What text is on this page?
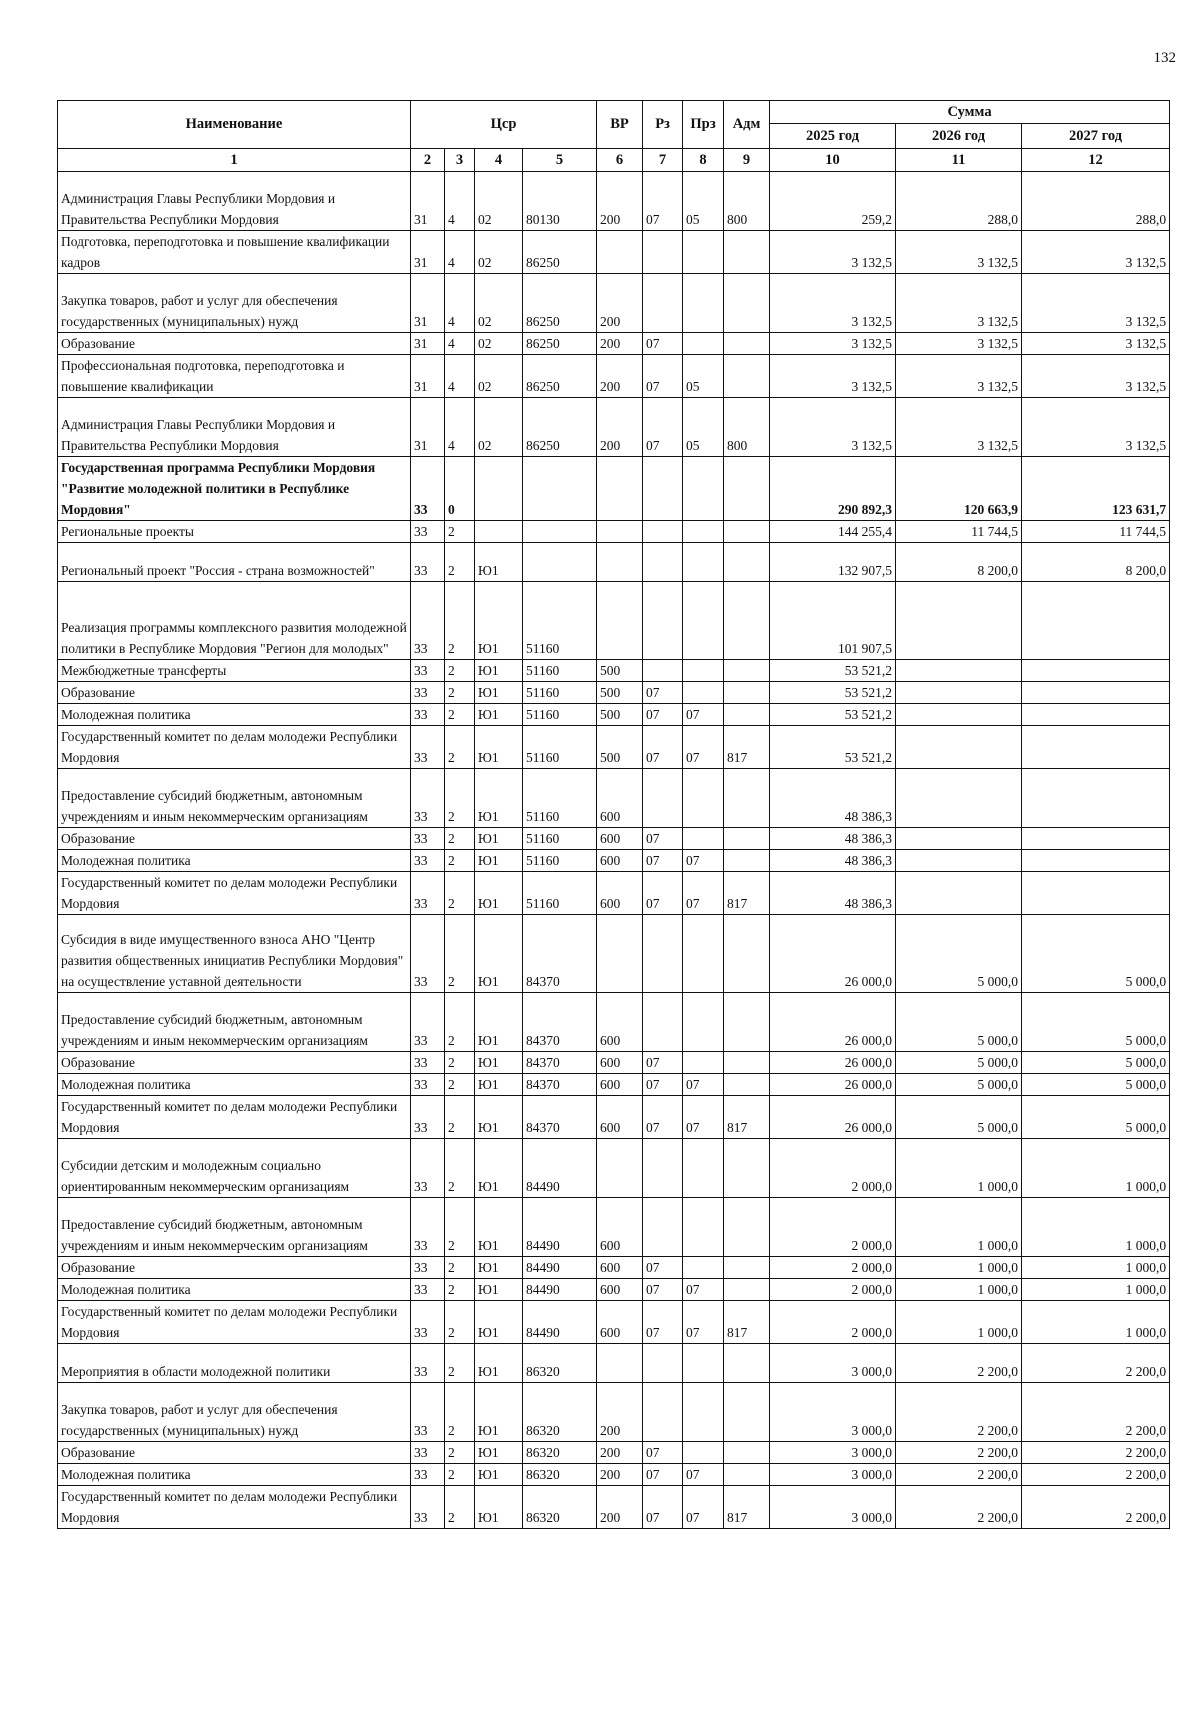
132
Наименование	Цср				ВР	Рз	Прз	Адм	Сумма		
									2025 год	2026 год	2027 год
1	2	3	4	5	6	7	8	9	10	11	12
Администрация Главы Республики Мордовия и Правительства Республики Мордовия	31	4	02	80130	200	07	05	800	259,2	288,0	288,0
Подготовка, переподготовка и повышение квалификации кадров	31	4	02	86250					3 132,5	3 132,5	3 132,5
Закупка товаров, работ и услуг для обеспечения государственных (муниципальных) нужд	31	4	02	86250	200				3 132,5	3 132,5	3 132,5
Образование	31	4	02	86250	200	07			3 132,5	3 132,5	3 132,5
Профессиональная подготовка, переподготовка и повышение квалификации	31	4	02	86250	200	07	05		3 132,5	3 132,5	3 132,5
Администрация Главы Республики Мордовия и Правительства Республики Мордовия	31	4	02	86250	200	07	05	800	3 132,5	3 132,5	3 132,5
Государственная программа Республики Мордовия "Развитие молодежной политики в Республике Мордовия"	33	0							290 892,3	120 663,9	123 631,7
Региональные проекты	33	2							144 255,4	11 744,5	11 744,5
Региональный проект "Россия - страна возможностей"	33	2	Ю1						132 907,5	8 200,0	8 200,0
Реализация программы комплексного развития молодежной политики в Республике Мордовия "Регион для молодых"	33	2	Ю1	51160					101 907,5		
Межбюджетные трансферты	33	2	Ю1	51160	500				53 521,2		
Образование	33	2	Ю1	51160	500	07			53 521,2		
Молодежная политика	33	2	Ю1	51160	500	07	07		53 521,2		
Государственный комитет по делам молодежи Республики Мордовия	33	2	Ю1	51160	500	07	07	817	53 521,2		
Предоставление субсидий бюджетным, автономным учреждениям и иным некоммерческим организациям	33	2	Ю1	51160	600				48 386,3		
Образование	33	2	Ю1	51160	600	07			48 386,3		
Молодежная политика	33	2	Ю1	51160	600	07	07		48 386,3		
Государственный комитет по делам молодежи Республики Мордовия	33	2	Ю1	51160	600	07	07	817	48 386,3		
Субсидия в виде имущественного взноса АНО "Центр развития общественных инициатив Республики Мордовия" на осуществление уставной деятельности	33	2	Ю1	84370					26 000,0	5 000,0	5 000,0
Предоставление субсидий бюджетным, автономным учреждениям и иным некоммерческим организациям	33	2	Ю1	84370	600				26 000,0	5 000,0	5 000,0
Образование	33	2	Ю1	84370	600	07			26 000,0	5 000,0	5 000,0
Молодежная политика	33	2	Ю1	84370	600	07	07		26 000,0	5 000,0	5 000,0
Государственный комитет по делам молодежи Республики Мордовия	33	2	Ю1	84370	600	07	07	817	26 000,0	5 000,0	5 000,0
Субсидии детским и молодежным социально ориентированным некоммерческим организациям	33	2	Ю1	84490					2 000,0	1 000,0	1 000,0
Предоставление субсидий бюджетным, автономным учреждениям и иным некоммерческим организациям	33	2	Ю1	84490	600				2 000,0	1 000,0	1 000,0
Образование	33	2	Ю1	84490	600	07			2 000,0	1 000,0	1 000,0
Молодежная политика	33	2	Ю1	84490	600	07	07		2 000,0	1 000,0	1 000,0
Государственный комитет по делам молодежи Республики Мордовия	33	2	Ю1	84490	600	07	07	817	2 000,0	1 000,0	1 000,0
Мероприятия в области молодежной политики	33	2	Ю1	86320					3 000,0	2 200,0	2 200,0
Закупка товаров, работ и услуг для обеспечения государственных (муниципальных) нужд	33	2	Ю1	86320	200				3 000,0	2 200,0	2 200,0
Образование	33	2	Ю1	86320	200	07			3 000,0	2 200,0	2 200,0
Молодежная политика	33	2	Ю1	86320	200	07	07		3 000,0	2 200,0	2 200,0
Государственный комитет по делам молодежи Республики Мордовия	33	2	Ю1	86320	200	07	07	817	3 000,0	2 200,0	2 200,0
